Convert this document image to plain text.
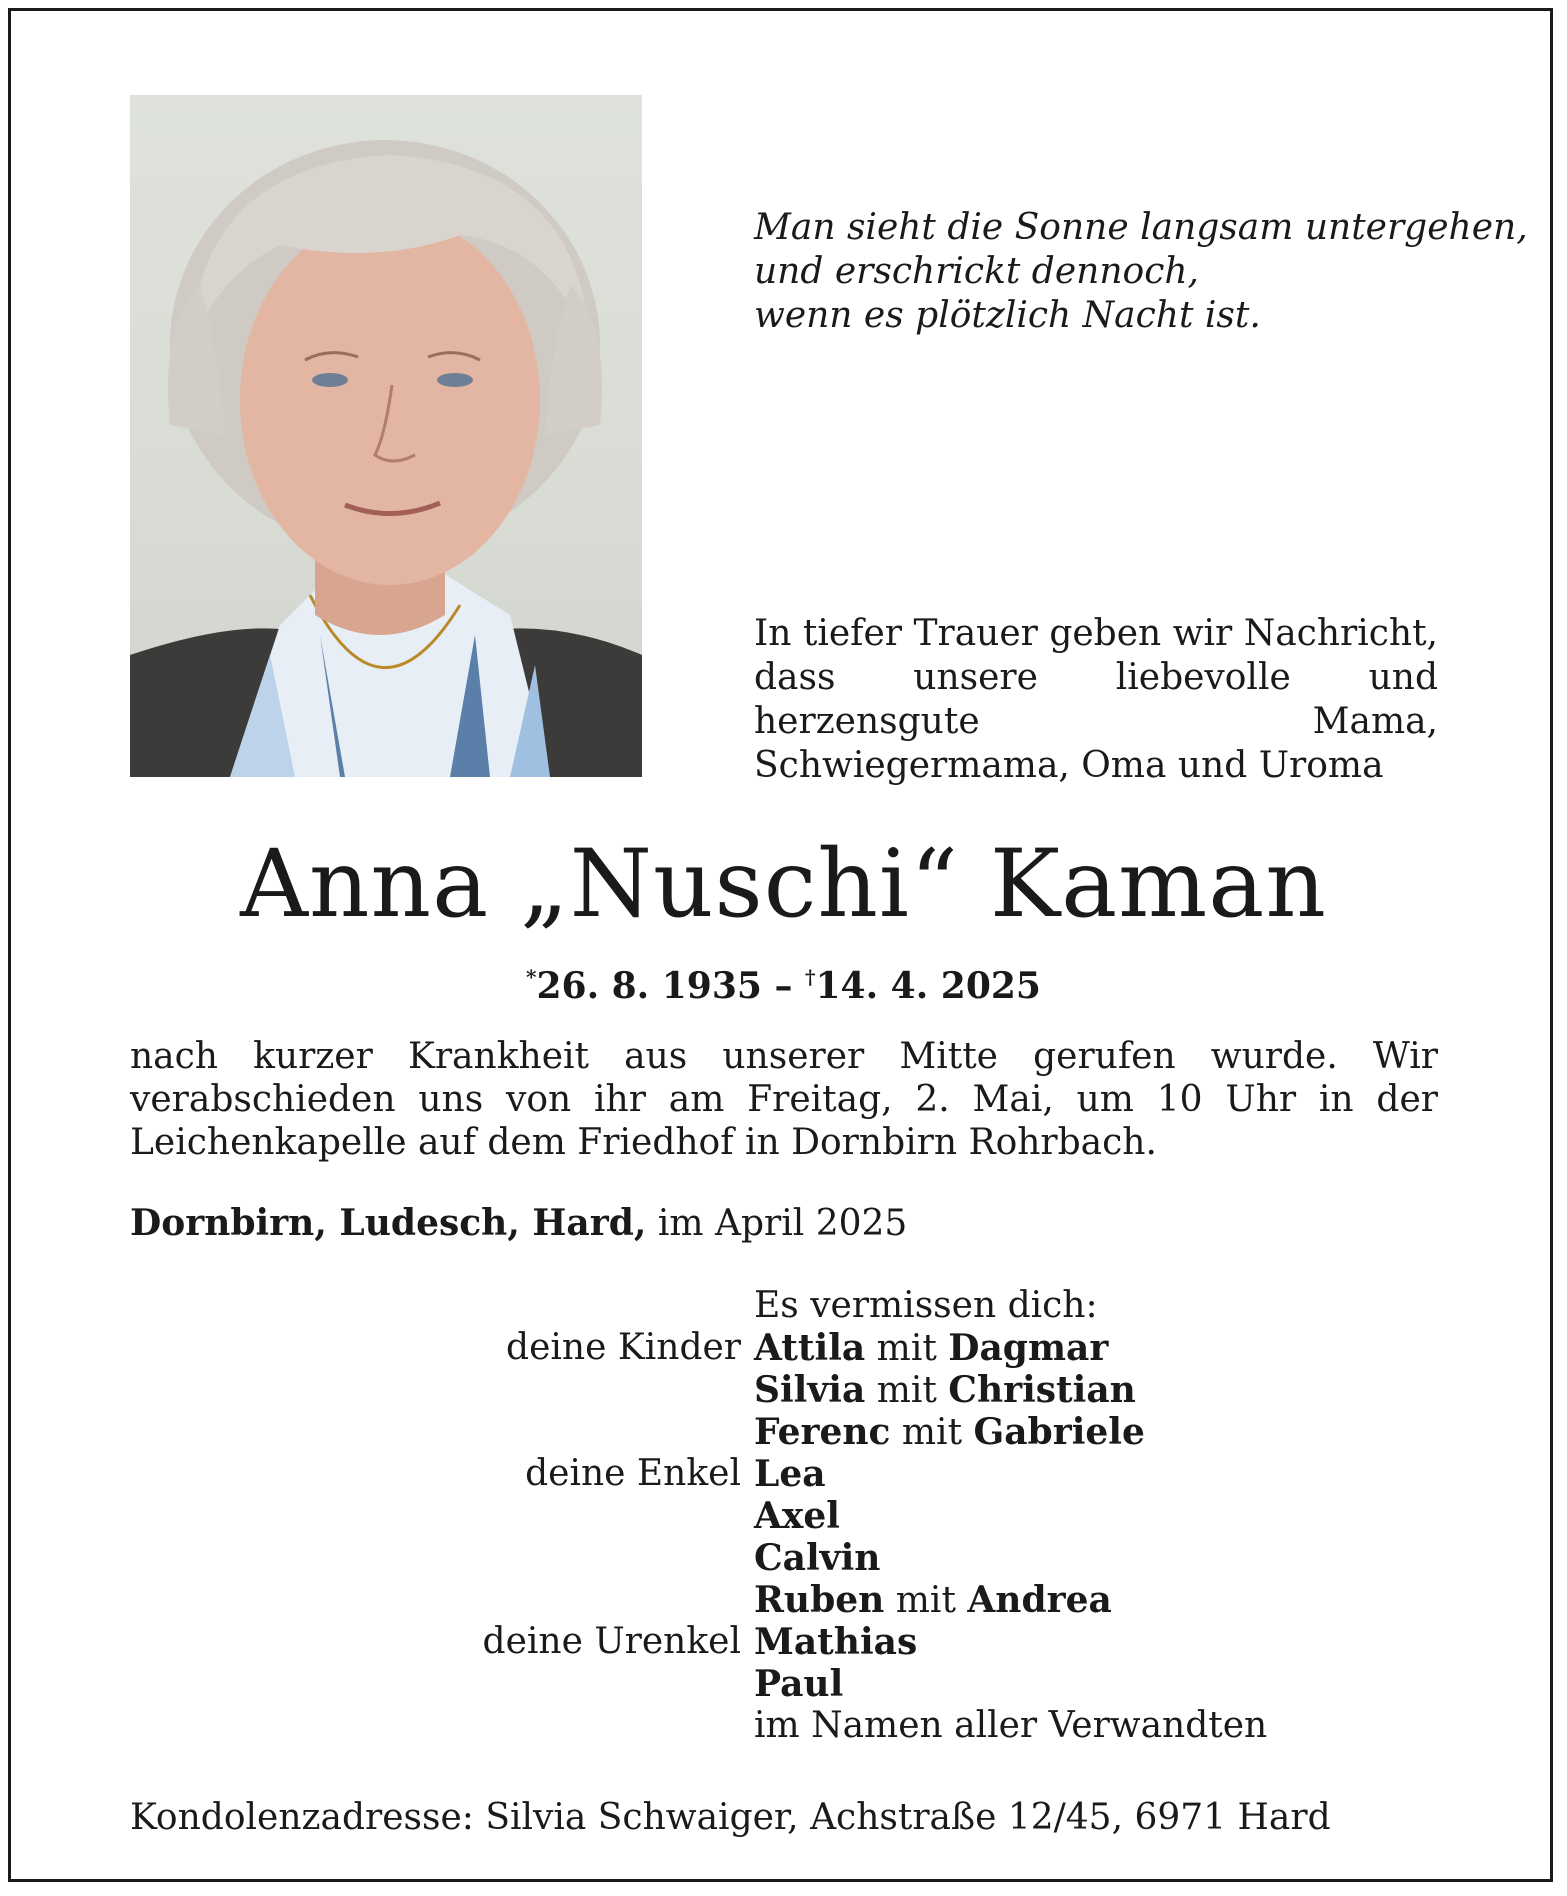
Man sieht die Sonne langsam untergehen,
und erschrickt dennoch,
wenn es plötzlich Nacht ist.
In tiefer Trauer geben wir Nachricht, dass unsere liebevolle und herzensgute Mama, Schwiegermama, Oma und Uroma
Anna „Nuschi“ Kaman
*26. 8. 1935 – †14. 4. 2025
nach kurzer Krankheit aus unserer Mitte gerufen wurde. Wir verabschieden uns von ihr am Freitag, 2. Mai, um 10 Uhr in der Leichenkapelle auf dem Friedhof in Dornbirn Rohrbach.
Dornbirn, Ludesch, Hard, im April 2025
Es vermissen dich:
deine Kinder Attila mit Dagmar
Silvia mit Christian
Ferenc mit Gabriele
deine Enkel Lea
Axel
Calvin
Ruben mit Andrea
deine Urenkel Mathias
Paul
im Namen aller Verwandten
Kondolenzadresse: Silvia Schwaiger, Achstraße 12/45, 6971 Hard
